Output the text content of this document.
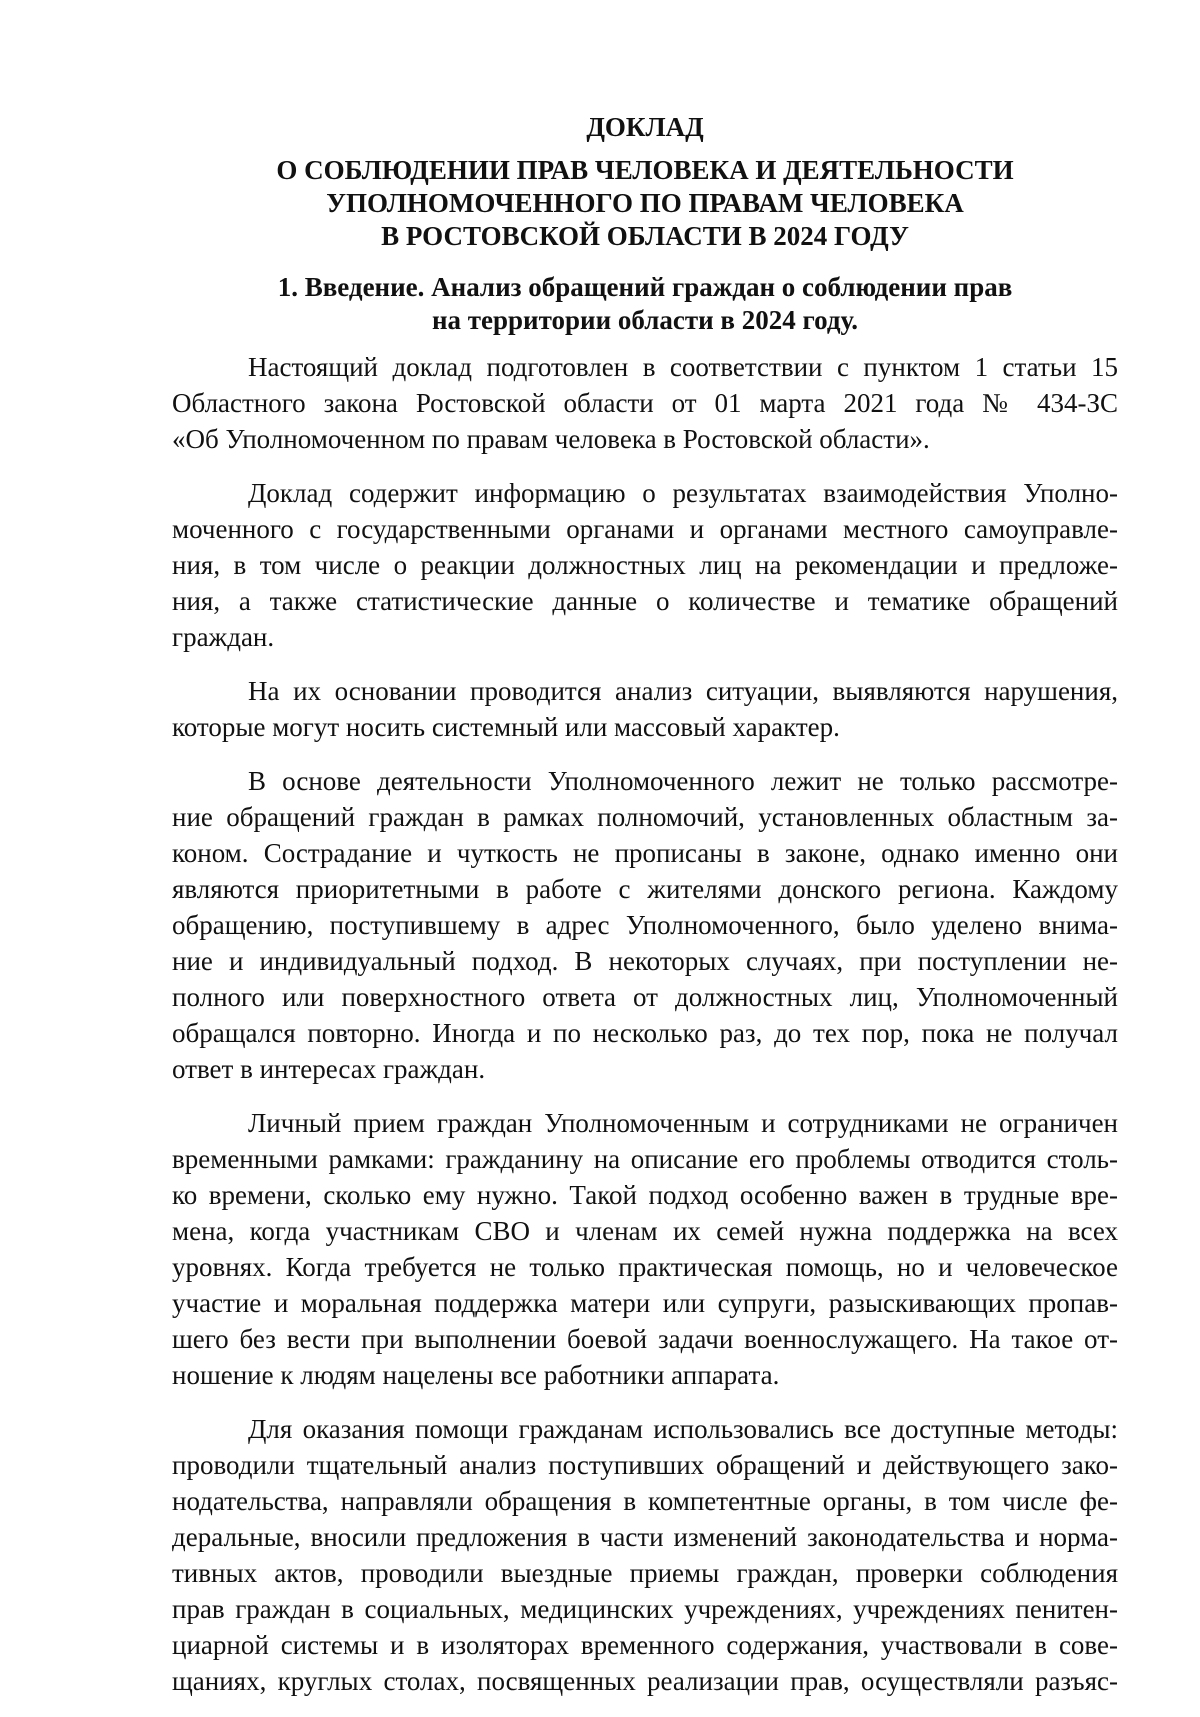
ДОКЛАД
О СОБЛЮДЕНИИ ПРАВ ЧЕЛОВЕКА И ДЕЯТЕЛЬНОСТИ
УПОЛНОМОЧЕННОГО ПО ПРАВАМ ЧЕЛОВЕКА
В РОСТОВСКОЙ ОБЛАСТИ В 2024 ГОДУ
1. Введение. Анализ обращений граждан о соблюдении прав
на территории области в 2024 году.
Настоящий доклад подготовлен в соответствии с пунктом 1 статьи 15
Областного закона Ростовской области от 01 марта 2021 года № 434-ЗС
«Об Уполномоченном по правам человека в Ростовской области».
Доклад содержит информацию о результатах взаимодействия Уполно-
моченного с государственными органами и органами местного самоуправле-
ния, в том числе о реакции должностных лиц на рекомендации и предложе-
ния, а также статистические данные о количестве и тематике обращений
граждан.
На их основании проводится анализ ситуации, выявляются нарушения,
которые могут носить системный или массовый характер.
В основе деятельности Уполномоченного лежит не только рассмотре-
ние обращений граждан в рамках полномочий, установленных областным за-
коном. Сострадание и чуткость не прописаны в законе, однако именно они
являются приоритетными в работе с жителями донского региона. Каждому
обращению, поступившему в адрес Уполномоченного, было уделено внима-
ние и индивидуальный подход. В некоторых случаях, при поступлении не-
полного или поверхностного ответа от должностных лиц, Уполномоченный
обращался повторно. Иногда и по несколько раз, до тех пор, пока не получал
ответ в интересах граждан.
Личный прием граждан Уполномоченным и сотрудниками не ограничен
временными рамками: гражданину на описание его проблемы отводится столь-
ко времени, сколько ему нужно. Такой подход особенно важен в трудные вре-
мена, когда участникам СВО и членам их семей нужна поддержка на всех
уровнях. Когда требуется не только практическая помощь, но и человеческое
участие и моральная поддержка матери или супруги, разыскивающих пропав-
шего без вести при выполнении боевой задачи военнослужащего. На такое от-
ношение к людям нацелены все работники аппарата.
Для оказания помощи гражданам использовались все доступные методы:
проводили тщательный анализ поступивших обращений и действующего зако-
нодательства, направляли обращения в компетентные органы, в том числе фе-
деральные, вносили предложения в части изменений законодательства и норма-
тивных актов, проводили выездные приемы граждан, проверки соблюдения
прав граждан в социальных, медицинских учреждениях, учреждениях пенитен-
циарной системы и в изоляторах временного содержания, участвовали в сове-
щаниях, круглых столах, посвященных реализации прав, осуществляли разъяс-
